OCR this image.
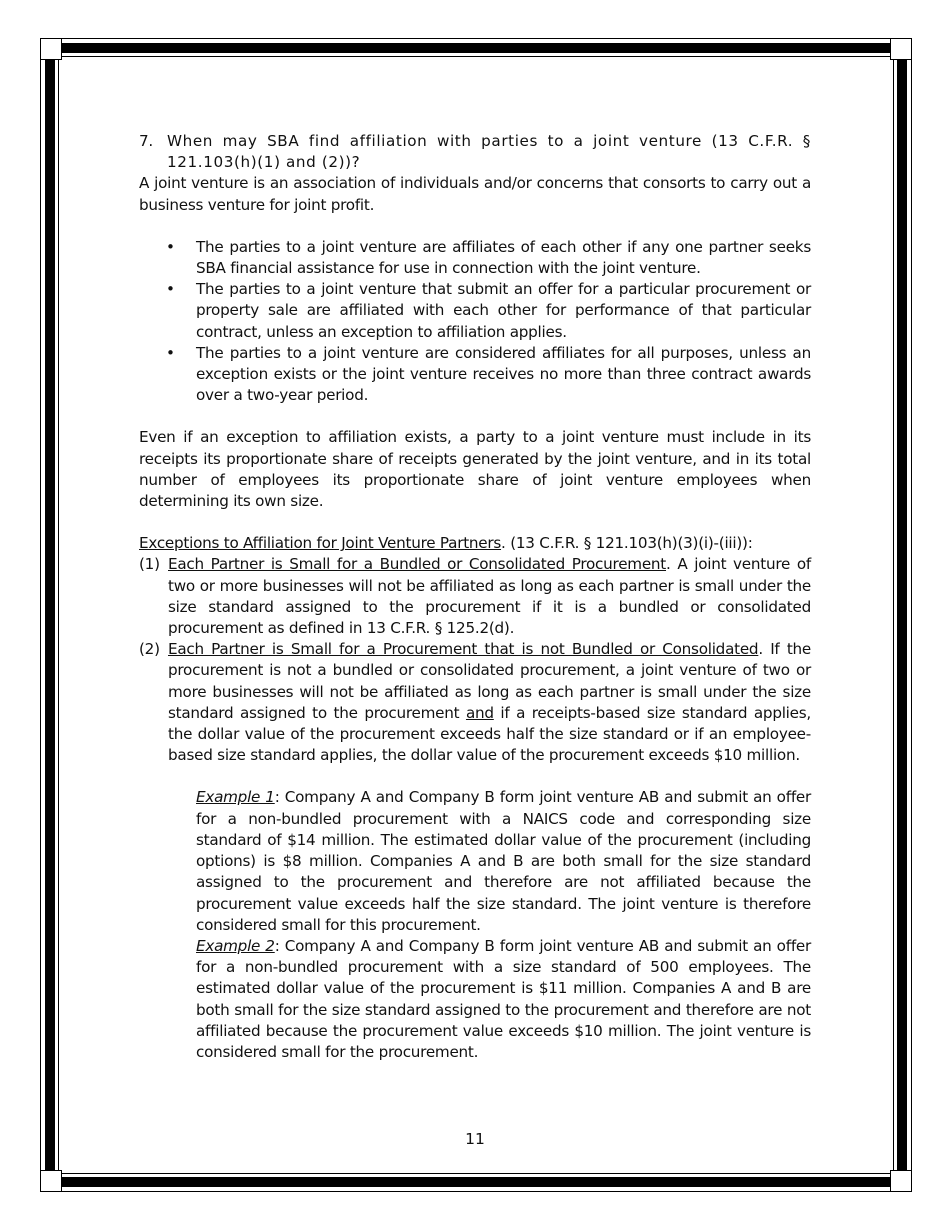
7. When may SBA find affiliation with parties to a joint venture (13 C.F.R. § 121.103(h)(1) and (2))?

A joint venture is an association of individuals and/or concerns that consorts to carry out a business venture for joint profit.

•	The parties to a joint venture are affiliates of each other if any one partner seeks SBA financial assistance for use in connection with the joint venture.
•	The parties to a joint venture that submit an offer for a particular procurement or property sale are affiliated with each other for performance of that particular contract, unless an exception to affiliation applies.
•	The parties to a joint venture are considered affiliates for all purposes, unless an exception exists or the joint venture receives no more than three contract awards over a two-year period.

Even if an exception to affiliation exists, a party to a joint venture must include in its receipts its proportionate share of receipts generated by the joint venture, and in its total number of employees its proportionate share of joint venture employees when determining its own size.

Exceptions to Affiliation for Joint Venture Partners. (13 C.F.R. § 121.103(h)(3)(i)-(iii)):

(1) Each Partner is Small for a Bundled or Consolidated Procurement. A joint venture of two or more businesses will not be affiliated as long as each partner is small under the size standard assigned to the procurement if it is a bundled or consolidated procurement as defined in 13 C.F.R. § 125.2(d).
(2) Each Partner is Small for a Procurement that is not Bundled or Consolidated. If the procurement is not a bundled or consolidated procurement, a joint venture of two or more businesses will not be affiliated as long as each partner is small under the size standard assigned to the procurement and if a receipts-based size standard applies, the dollar value of the procurement exceeds half the size standard or if an employee-based size standard applies, the dollar value of the procurement exceeds $10 million.

Example 1: Company A and Company B form joint venture AB and submit an offer for a non-bundled procurement with a NAICS code and corresponding size standard of $14 million. The estimated dollar value of the procurement (including options) is $8 million. Companies A and B are both small for the size standard assigned to the procurement and therefore are not affiliated because the procurement value exceeds half the size standard. The joint venture is therefore considered small for this procurement.

Example 2: Company A and Company B form joint venture AB and submit an offer for a non-bundled procurement with a size standard of 500 employees. The estimated dollar value of the procurement is $11 million. Companies A and B are both small for the size standard assigned to the procurement and therefore are not affiliated because the procurement value exceeds $10 million. The joint venture is considered small for the procurement.

11
